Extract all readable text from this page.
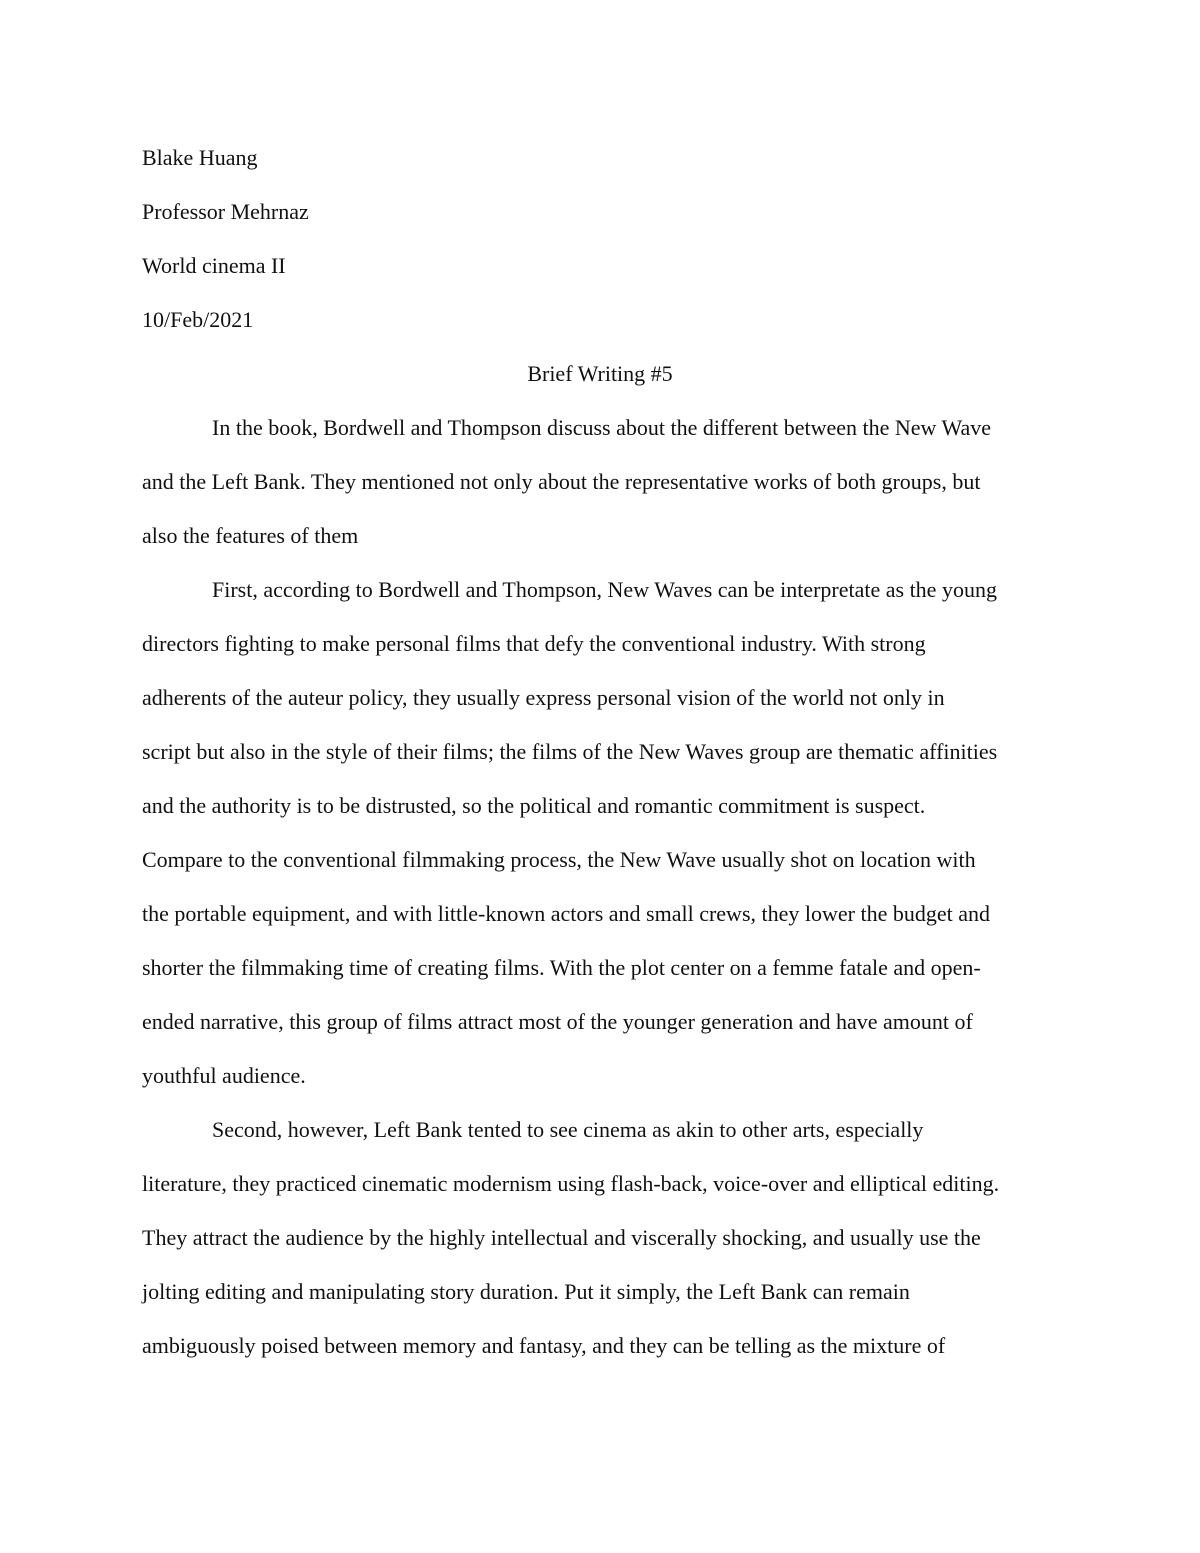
Blake Huang

Professor Mehrnaz

World cinema II

10/Feb/2021

Brief Writing #5

In the book, Bordwell and Thompson discuss about the different between the New Wave

and the Left Bank. They mentioned not only about the representative works of both groups, but

also the features of them

First, according to Bordwell and Thompson, New Waves can be interpretate as the young

directors fighting to make personal films that defy the conventional industry. With strong

adherents of the auteur policy, they usually express personal vision of the world not only in

script but also in the style of their films; the films of the New Waves group are thematic affinities

and the authority is to be distrusted, so the political and romantic commitment is suspect.

Compare to the conventional filmmaking process, the New Wave usually shot on location with

the portable equipment, and with little-known actors and small crews, they lower the budget and

shorter the filmmaking time of creating films. With the plot center on a femme fatale and open-

ended narrative, this group of films attract most of the younger generation and have amount of

youthful audience.

Second, however, Left Bank tented to see cinema as akin to other arts, especially

literature, they practiced cinematic modernism using flash-back, voice-over and elliptical editing.

They attract the audience by the highly intellectual and viscerally shocking, and usually use the

jolting editing and manipulating story duration. Put it simply, the Left Bank can remain

ambiguously poised between memory and fantasy, and they can be telling as the mixture of
